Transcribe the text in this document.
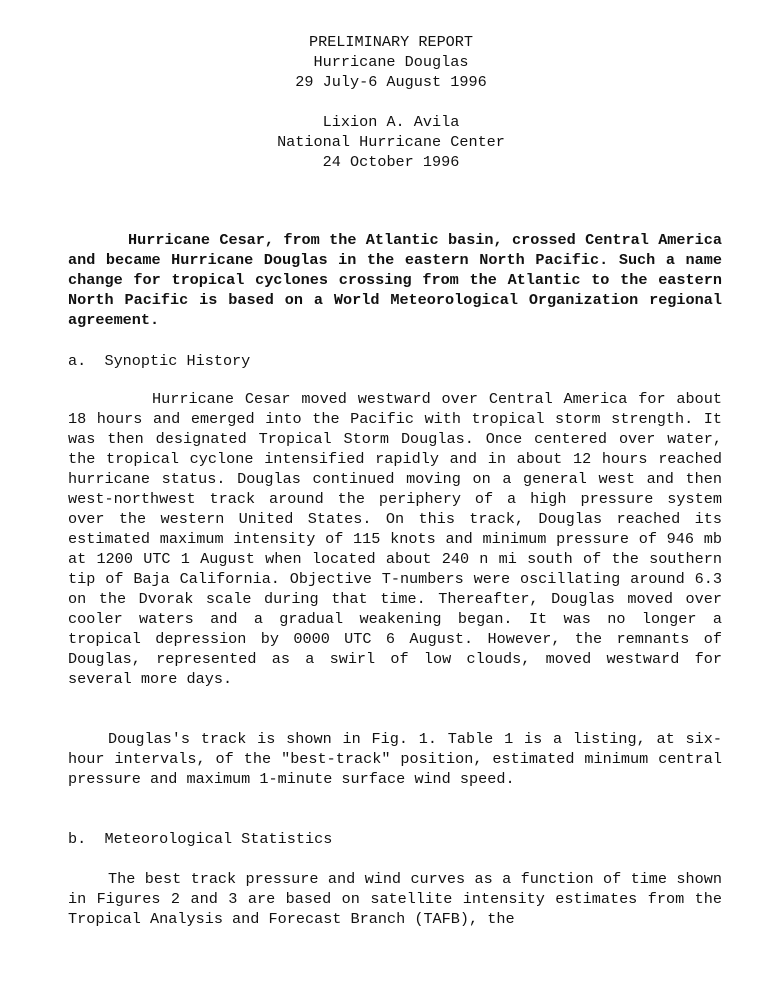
PRELIMINARY REPORT
Hurricane Douglas
29 July-6 August 1996
Lixion A. Avila
National Hurricane Center
24 October 1996

Hurricane Cesar, from the Atlantic basin, crossed Central America and became Hurricane Douglas in the eastern North Pacific. Such a name change for tropical cyclones crossing from the Atlantic to the eastern North Pacific is based on a World Meteorological Organization regional agreement.

a.  Synoptic History

Hurricane Cesar moved westward over Central America for about 18 hours and emerged into the Pacific with tropical storm strength. It was then designated Tropical Storm Douglas. Once centered over water, the tropical cyclone intensified rapidly and in about 12 hours reached hurricane status. Douglas continued moving on a general west and then west-northwest track around the periphery of a high pressure system over the western United States. On this track, Douglas reached its estimated maximum intensity of 115 knots and minimum pressure of 946 mb at 1200 UTC 1 August when located about 240 n mi south of the southern tip of Baja California. Objective T-numbers were oscillating around 6.3 on the Dvorak scale during that time. Thereafter, Douglas moved over cooler waters and a gradual weakening began. It was no longer a tropical depression by 0000 UTC 6 August. However, the remnants of Douglas, represented as a swirl of low clouds, moved westward for several more days.

Douglas's track is shown in Fig. 1. Table 1 is a listing, at six-hour intervals, of the "best-track" position, estimated minimum central pressure and maximum 1-minute surface wind speed.

b.  Meteorological Statistics

The best track pressure and wind curves as a function of time shown in Figures 2 and 3 are based on satellite intensity estimates from the Tropical Analysis and Forecast Branch (TAFB), the
